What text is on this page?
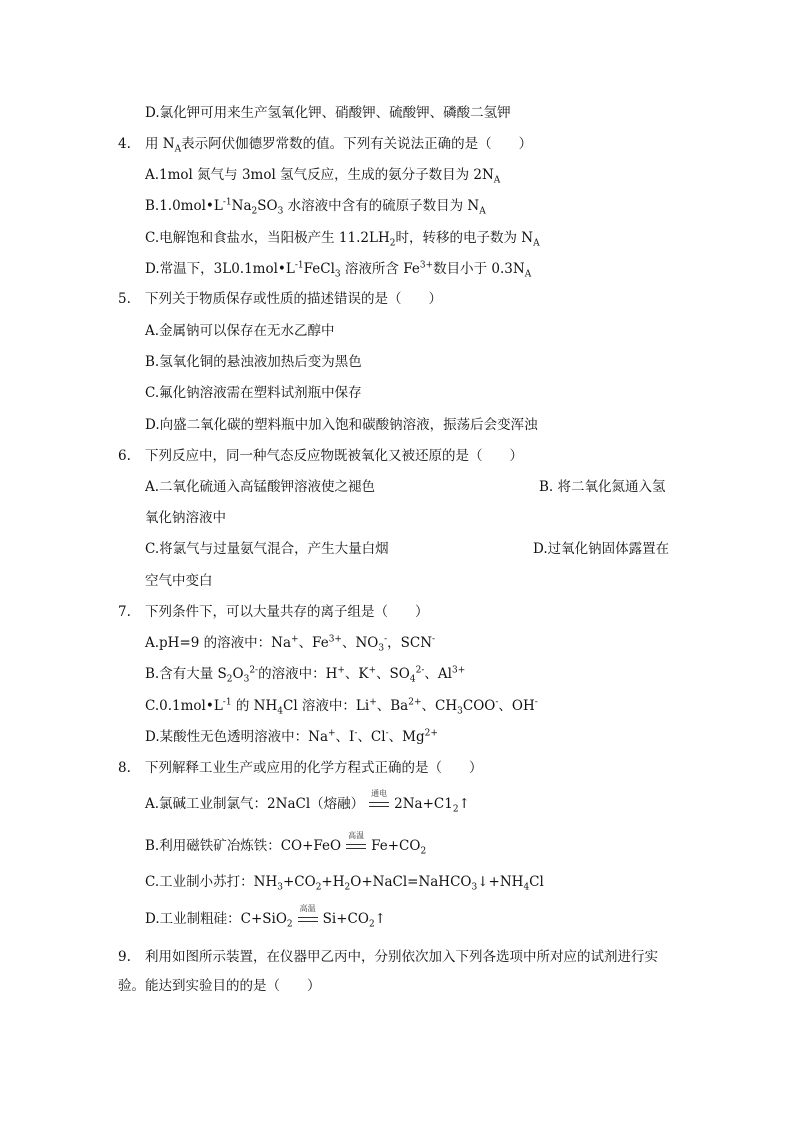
D.氯化钾可用来生产氢氧化钾、硝酸钾、硫酸钾、磷酸二氢钾
4. 用 $N_A$表示阿伏伽德罗常数的值。下列有关说法正确的是（　　）
A.1mol 氮气与 3mol 氢气反应，生成的氨分子数目为 $2N_A$
$B.1.0mol•L^{-1}Na_2SO_3$ 水溶液中含有的硫原子数目为 $N_A$
C.电解饱和食盐水，当阳极产生 $11.2LH_2$时，转移的电子数为 $N_A$
D.常温下，$3L0.1mol•L^{-1}FeCl_3$ 溶液所含 $Fe^{3+}$数目小于 $0.3N_A$
5. 下列关于物质保存或性质的描述错误的是（　　）
A.金属钠可以保存在无水乙醇中
B.氢氧化铜的悬浊液加热后变为黑色
C.氟化钠溶液需在塑料试剂瓶中保存
D.向盛二氧化碳的塑料瓶中加入饱和碳酸钠溶液，振荡后会变浑浊
6. 下列反应中，同一种气态反应物既被氧化又被还原的是（　　）
A.二氧化硫通入高锰酸钾溶液使之褪色	B. 将二氧化氮通入氢
氧化钠溶液中
C.将氯气与过量氨气混合，产生大量白烟	D.过氧化钠固体露置在
空气中变白
7. 下列条件下，可以大量共存的离子组是（　　）
A.pH=9 的溶液中：Na+、$Fe^{3+}$、$NO_3^-$，SCN-
B.含有大量 $S_2O_3^{2-}$的溶液中：H+、K+、$SO_4^{2-}$、$Al^{3+}$
$C.0.1mol•L^{-1}$ 的 $NH_4Cl$ 溶液中：Li+、$Ba^{2+}$、$CH_3COO^-$、OH-
D.某酸性无色透明溶液中：Na+、I-、Cl-、$Mg^{2+}$
8. 下列解释工业生产或应用的化学方程式正确的是（　　）
A.氯碱工业制氯气：2NaCl（熔融）
通电
$2Na+C1_2↑$
B.利用磁铁矿冶炼铁：CO+FeO
高温
$Fe+CO_2$
C.工业制小苏打：$NH_3+CO_2+H_2O+NaCl=NaHCO_3↓+NH_4Cl$
D.工业制粗硅：C+SiO$_2$
高温
$Si+CO_2↑$
9. 利用如图所示装置，在仪器甲乙丙中，分别依次加入下列各选项中所对应的试剂进行实
验。能达到实验目的的是（　　）
